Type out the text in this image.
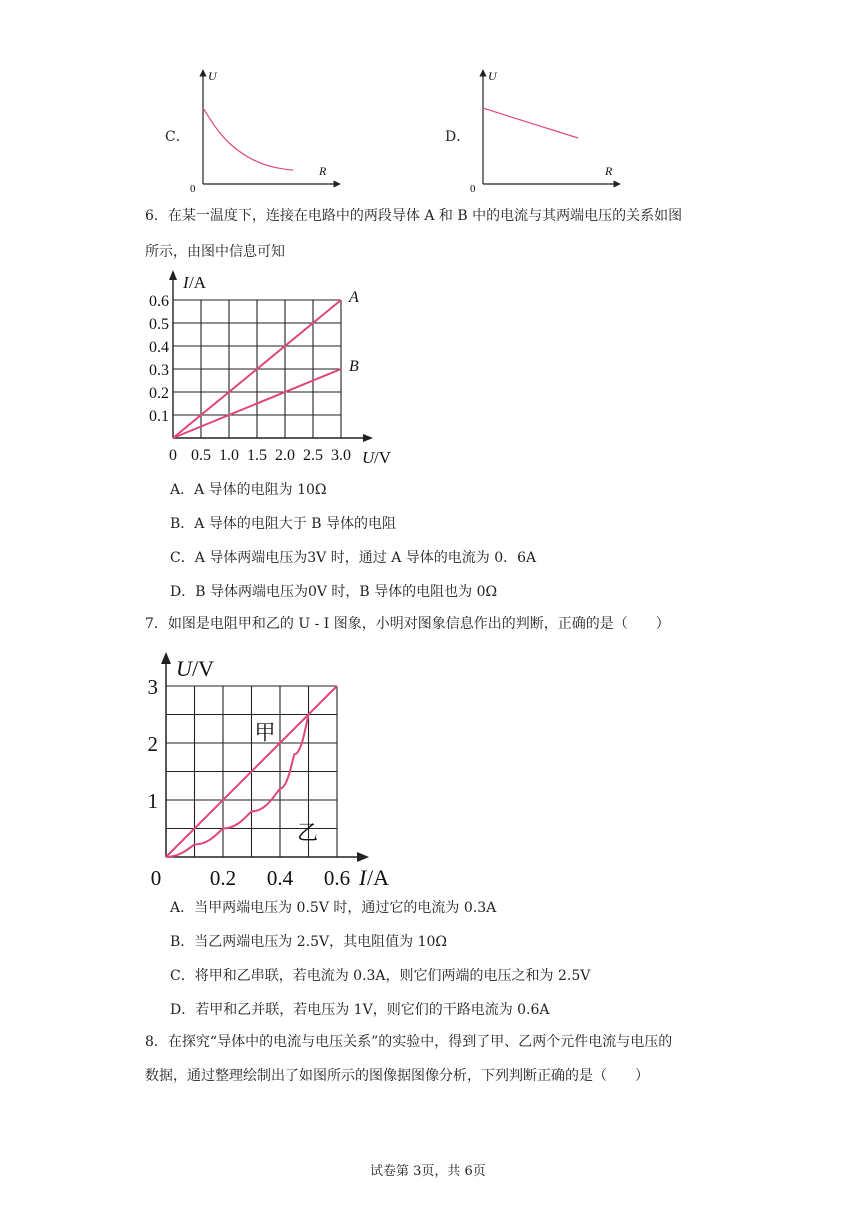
C．
U
R
0
D．
U
R
0
6．在某一温度下，连接在电路中的两段导体 A 和 B 中的电流与其两端电压的关系如图
所示，由图中信息可知
I /A
0.1
0.2
0.3
0.4
0.5
0.6
0 0.5 1.0 1.5 2.0 2.5 3.0 U /V
A
B
A．A 导体的电阻为 10Ω
B．A 导体的电阻大于 B 导体的电阻
C．A 导体两端电压为3V 时，通过 A 导体的电流为 0．6A
D．B 导体两端电压为0V 时，B 导体的电阻也为 0Ω
7．如图是电阻甲和乙的 U - I 图象，小明对图象信息作出的判断，正确的是（　　）
U /V
1
2
3
0 0.2 0.4 0.6 I /A
甲
乙
A．当甲两端电压为 0.5V 时，通过它的电流为 0.3A
B．当乙两端电压为 2.5V，其电阻值为 10Ω
C．将甲和乙串联，若电流为 0.3A，则它们两端的电压之和为 2.5V
D．若甲和乙并联，若电压为 1V，则它们的干路电流为 0.6A
8．在探究“导体中的电流与电压关系”的实验中，得到了甲、乙两个元件电流与电压的
数据，通过整理绘制出了如图所示的图像据图像分析，下列判断正确的是（　　）
试卷第 3页，共 6页
